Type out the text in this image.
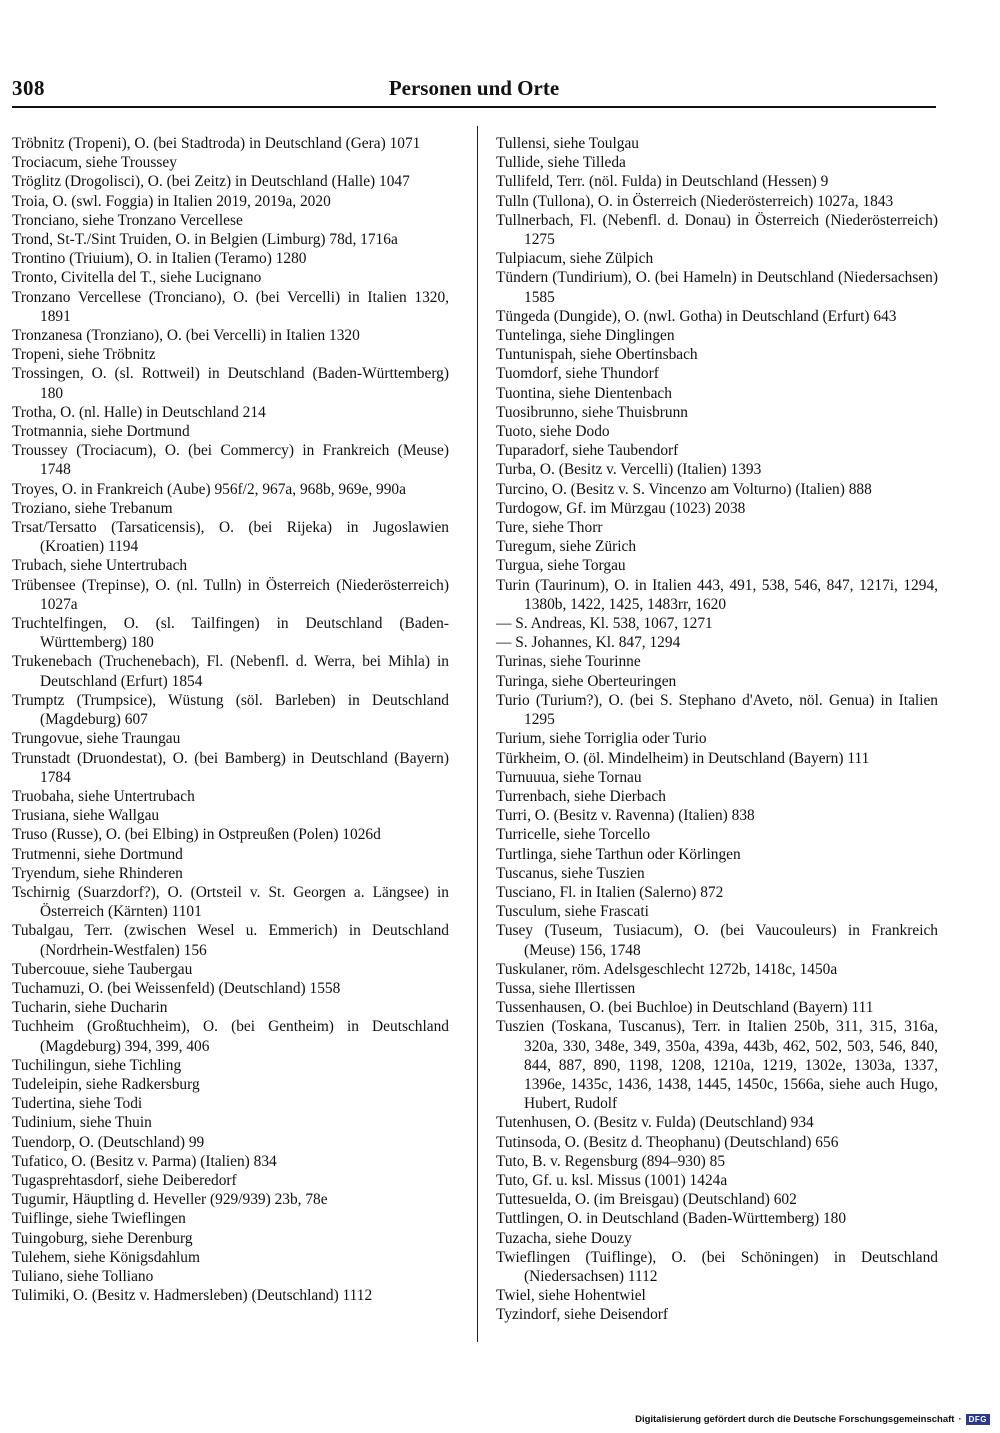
308	Personen und Orte
Tröbnitz (Tropeni), O. (bei Stadtroda) in Deutschland (Gera) 1071
Trociacum, siehe Troussey
Tröglitz (Drogolisci), O. (bei Zeitz) in Deutschland (Halle) 1047
Troia, O. (swl. Foggia) in Italien 2019, 2019a, 2020
Tronciano, siehe Tronzano Vercellese
Trond, St-T./Sint Truiden, O. in Belgien (Limburg) 78d, 1716a
Trontino (Triuium), O. in Italien (Teramo) 1280
Tronto, Civitella del T., siehe Lucignano
Tronzano Vercellese (Tronciano), O. (bei Vercelli) in Italien 1320, 1891
Tronzanesa (Tronziano), O. (bei Vercelli) in Italien 1320
Tropeni, siehe Tröbnitz
Trossingen, O. (sl. Rottweil) in Deutschland (Baden-Württemberg) 180
Trotha, O. (nl. Halle) in Deutschland 214
Trotmannia, siehe Dortmund
Troussey (Trociacum), O. (bei Commercy) in Frankreich (Meuse) 1748
Troyes, O. in Frankreich (Aube) 956f/2, 967a, 968b, 969e, 990a
Troziano, siehe Trebanum
Trsat/Tersatto (Tarsaticensis), O. (bei Rijeka) in Jugoslawien (Kroatien) 1194
Trubach, siehe Untertrubach
Trübensee (Trepinse), O. (nl. Tulln) in Österreich (Niederösterreich) 1027a
Truchtelfingen, O. (sl. Tailfingen) in Deutschland (Baden-Württemberg) 180
Trukenebach (Truchenebach), Fl. (Nebenfl. d. Werra, bei Mihla) in Deutschland (Erfurt) 1854
Trumptz (Trumpsice), Wüstung (söl. Barleben) in Deutschland (Magdeburg) 607
Trungovue, siehe Traungau
Trunstadt (Druondestat), O. (bei Bamberg) in Deutschland (Bayern) 1784
Truobaha, siehe Untertrubach
Trusiana, siehe Wallgau
Truso (Russe), O. (bei Elbing) in Ostpreußen (Polen) 1026d
Trutmenni, siehe Dortmund
Tryendum, siehe Rhinderen
Tschirnig (Suarzdorf?), O. (Ortsteil v. St. Georgen a. Längsee) in Österreich (Kärnten) 1101
Tubalgau, Terr. (zwischen Wesel u. Emmerich) in Deutschland (Nordrhein-Westfalen) 156
Tubercouue, siehe Taubergau
Tuchamuzi, O. (bei Weissenfeld) (Deutschland) 1558
Tucharin, siehe Ducharin
Tuchheim (Großtuchheim), O. (bei Gentheim) in Deutschland (Magdeburg) 394, 399, 406
Tuchilingun, siehe Tichling
Tudeleipin, siehe Radkersburg
Tudertina, siehe Todi
Tudinium, siehe Thuin
Tuendorp, O. (Deutschland) 99
Tufatico, O. (Besitz v. Parma) (Italien) 834
Tugasprehtasdorf, siehe Deiberedorf
Tugumir, Häuptling d. Heveller (929/939) 23b, 78e
Tuiflinge, siehe Twieflingen
Tuingoburg, siehe Derenburg
Tulehem, siehe Königsdahlum
Tuliano, siehe Tolliano
Tulimiki, O. (Besitz v. Hadmersleben) (Deutschland) 1112
Tullensi, siehe Toulgau
Tullide, siehe Tilleda
Tullifeld, Terr. (nöl. Fulda) in Deutschland (Hessen) 9
Tulln (Tullona), O. in Österreich (Niederösterreich) 1027a, 1843
Tullnerbach, Fl. (Nebenfl. d. Donau) in Österreich (Niederösterreich) 1275
Tulpiacum, siehe Zülpich
Tündern (Tundirium), O. (bei Hameln) in Deutschland (Niedersachsen) 1585
Tüngeda (Dungide), O. (nwl. Gotha) in Deutschland (Erfurt) 643
Tuntelinga, siehe Dinglingen
Tuntunispah, siehe Obertinsbach
Tuomdorf, siehe Thundorf
Tuontina, siehe Dientenbach
Tuosibrunno, siehe Thuisbrunn
Tuoto, siehe Dodo
Tuparadorf, siehe Taubendorf
Turba, O. (Besitz v. Vercelli) (Italien) 1393
Turcino, O. (Besitz v. S. Vincenzo am Volturno) (Italien) 888
Turdogow, Gf. im Mürzgau (1023) 2038
Ture, siehe Thorr
Turegum, siehe Zürich
Turgua, siehe Torgau
Turin (Taurinum), O. in Italien 443, 491, 538, 546, 847, 1217i, 1294, 1380b, 1422, 1425, 1483rr, 1620
— S. Andreas, Kl. 538, 1067, 1271
— S. Johannes, Kl. 847, 1294
Turinas, siehe Tourinne
Turinga, siehe Oberteuringen
Turio (Turium?), O. (bei S. Stephano d'Aveto, nöl. Genua) in Italien 1295
Turium, siehe Torriglia oder Turio
Türkheim, O. (öl. Mindelheim) in Deutschland (Bayern) 111
Turnuuua, siehe Tornau
Turrenbach, siehe Dierbach
Turri, O. (Besitz v. Ravenna) (Italien) 838
Turricelle, siehe Torcello
Turtlinga, siehe Tarthun oder Körlingen
Tuscanus, siehe Tuszien
Tusciano, Fl. in Italien (Salerno) 872
Tusculum, siehe Frascati
Tusey (Tuseum, Tusiacum), O. (bei Vaucouleurs) in Frankreich (Meuse) 156, 1748
Tuskulaner, röm. Adelsgeschlecht 1272b, 1418c, 1450a
Tussa, siehe Illertissen
Tussenhausen, O. (bei Buchloe) in Deutschland (Bayern) 111
Tuszien (Toskana, Tuscanus), Terr. in Italien 250b, 311, 315, 316a, 320a, 330, 348e, 349, 350a, 439a, 443b, 462, 502, 503, 546, 840, 844, 887, 890, 1198, 1208, 1210a, 1219, 1302e, 1303a, 1337, 1396e, 1435c, 1436, 1438, 1445, 1450c, 1566a, siehe auch Hugo, Hubert, Rudolf
Tutenhusen, O. (Besitz v. Fulda) (Deutschland) 934
Tutinsoda, O. (Besitz d. Theophanu) (Deutschland) 656
Tuto, B. v. Regensburg (894–930) 85
Tuto, Gf. u. ksl. Missus (1001) 1424a
Tuttesuelda, O. (im Breisgau) (Deutschland) 602
Tuttlingen, O. in Deutschland (Baden-Württemberg) 180
Tuzacha, siehe Douzy
Twieflingen (Tuiflinge), O. (bei Schöningen) in Deutschland (Niedersachsen) 1112
Twiel, siehe Hohentwiel
Tyzindorf, siehe Deisendorf
Digitalisierung gefördert durch die Deutsche Forschungsgemeinschaft · DFG
